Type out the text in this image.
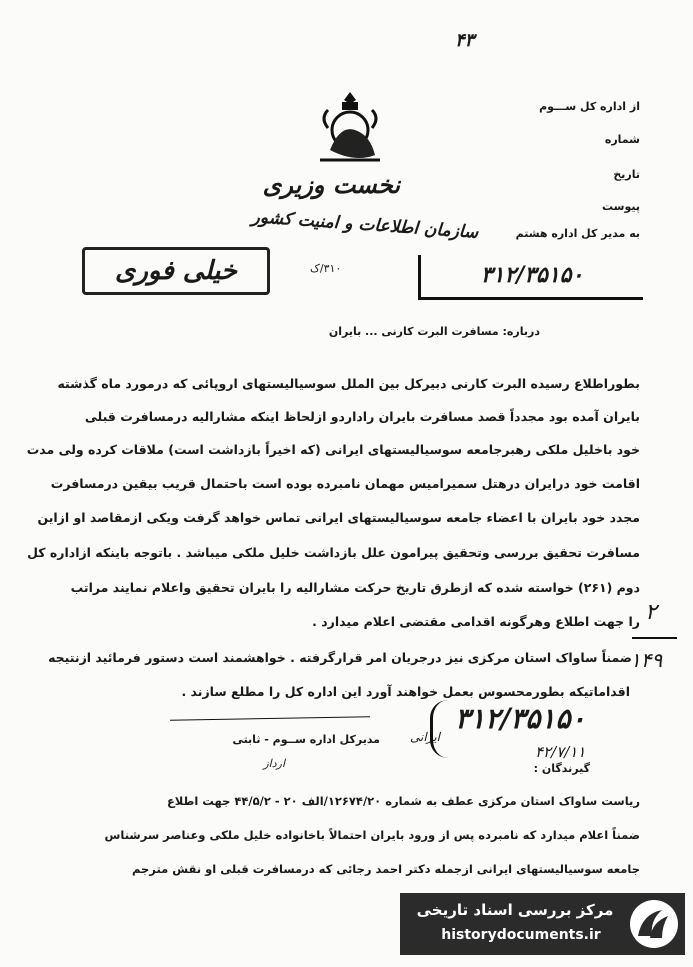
۴۳
نخست وزیری
سازمان اطلاعات و امنیت کشور
۳۱۰/ک
از اداره کل ســـوم
شماره
تاریخ
پیوست
به مدیر کل اداره هشتم
خیلی فوری	۳۱۲/۳۵۱۵۰
درباره: مسافرت البرت کارنی ... بایران
بطوراطلاع رسیده البرت کارنی دبیرکل بین الملل سوسیالیستهای اروپائی که درمورد ماه گذشته
بایران آمده بود مجدداً قصد مسافرت بایران راداردو ازلحاظ اینکه مشارالیه درمسافرت قبلی
خود باخلیل ملکی رهبرجامعه سوسیالیستهای ایرانی (که اخیراً بازداشت است) ملاقات کرده ولی مدت
اقامت خود درایران درهتل سمیرامیس مهمان نامبرده بوده است باحتمال قریب بیقین درمسافرت
مجدد خود بایران با اعضاء جامعه سوسیالیستهای ایرانی تماس خواهد گرفت ویکی ازمقاصد او ازاین
مسافرت تحقیق بررسی وتحقیق پیرامون علل بازداشت خلیل ملکی میباشد . باتوجه باینکه ازاداره کل
دوم (۲۶۱) خواسته شده که ازطرق تاریخ حرکت مشارالیه را بایران تحقیق واعلام نمایند مراتب
را جهت اطلاع وهرگونه اقدامی مقتضی اعلام میدارد . ۲
۱۴۹
ضمناً ساواک استان مرکزی نیز درجریان امر قرارگرفته . خواهشمند است دستور فرمائید ازنتیجه
اقداماتیکه بطورمحسوس بعمل خواهند آورد این اداره کل را مطلع سازند .
مدیرکل اداره ســوم - ثابتی	ایرانی
ارداز
۳۱۲/۳۵۱۵۰
۴۲/۷/۱۱
گیرندگان :
ریاست ساواک استان مرکزی عطف به شماره ۱۲۶۷۴/۲۰/الف ۲۰ - ۴۴/۵/۲ جهت اطلاع
ضمناً اعلام میدارد که نامبرده پس از ورود بایران احتمالاً باخانواده خلیل ملکی وعناصر سرشناس
جامعه سوسیالیستهای ایرانی ازجمله دکتر احمد رجائی که درمسافرت قبلی او نقش مترجم
مرکز بررسی اسناد تاریخی
historydocuments.ir
